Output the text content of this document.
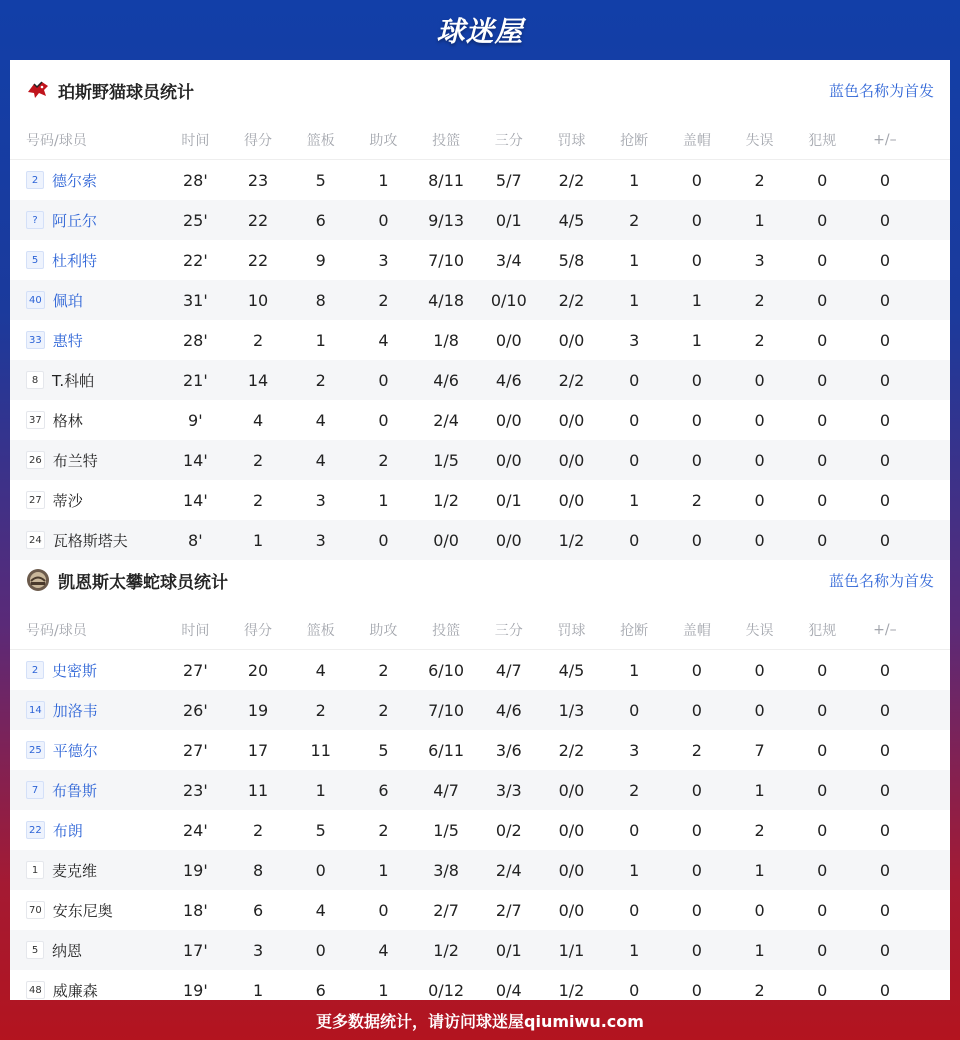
球迷屋
珀斯野猫球员统计	蓝色名称为首发
号码/球员	时间	得分	篮板	助攻	投篮	三分	罚球	抢断	盖帽	失误	犯规	+/–
2 德尔索	28'	23	5	1	8/11	5/7	2/2	1	0	2	0	0
? 阿丘尔	25'	22	6	0	9/13	0/1	4/5	2	0	1	0	0
5 杜利特	22'	22	9	3	7/10	3/4	5/8	1	0	3	0	0
40 佩珀	31'	10	8	2	4/18	0/10	2/2	1	1	2	0	0
33 惠特	28'	2	1	4	1/8	0/0	0/0	3	1	2	0	0
8 T.科帕	21'	14	2	0	4/6	4/6	2/2	0	0	0	0	0
37 格林	9'	4	4	0	2/4	0/0	0/0	0	0	0	0	0
26 布兰特	14'	2	4	2	1/5	0/0	0/0	0	0	0	0	0
27 蒂沙	14'	2	3	1	1/2	0/1	0/0	1	2	0	0	0
24 瓦格斯塔夫	8'	1	3	0	0/0	0/0	1/2	0	0	0	0	0
凯恩斯太攀蛇球员统计	蓝色名称为首发
号码/球员	时间	得分	篮板	助攻	投篮	三分	罚球	抢断	盖帽	失误	犯规	+/–
2 史密斯	27'	20	4	2	6/10	4/7	4/5	1	0	0	0	0
14 加洛韦	26'	19	2	2	7/10	4/6	1/3	0	0	0	0	0
25 平德尔	27'	17	11	5	6/11	3/6	2/2	3	2	7	0	0
7 布鲁斯	23'	11	1	6	4/7	3/3	0/0	2	0	1	0	0
22 布朗	24'	2	5	2	1/5	0/2	0/0	0	0	2	0	0
1 麦克维	19'	8	0	1	3/8	2/4	0/0	1	0	1	0	0
70 安东尼奥	18'	6	4	0	2/7	2/7	0/0	0	0	0	0	0
5 纳恩	17'	3	0	4	1/2	0/1	1/1	1	0	1	0	0
48 威廉森	19'	1	6	1	0/12	0/4	1/2	0	0	2	0	0
更多数据统计，请访问球迷屋qiumiwu.com
